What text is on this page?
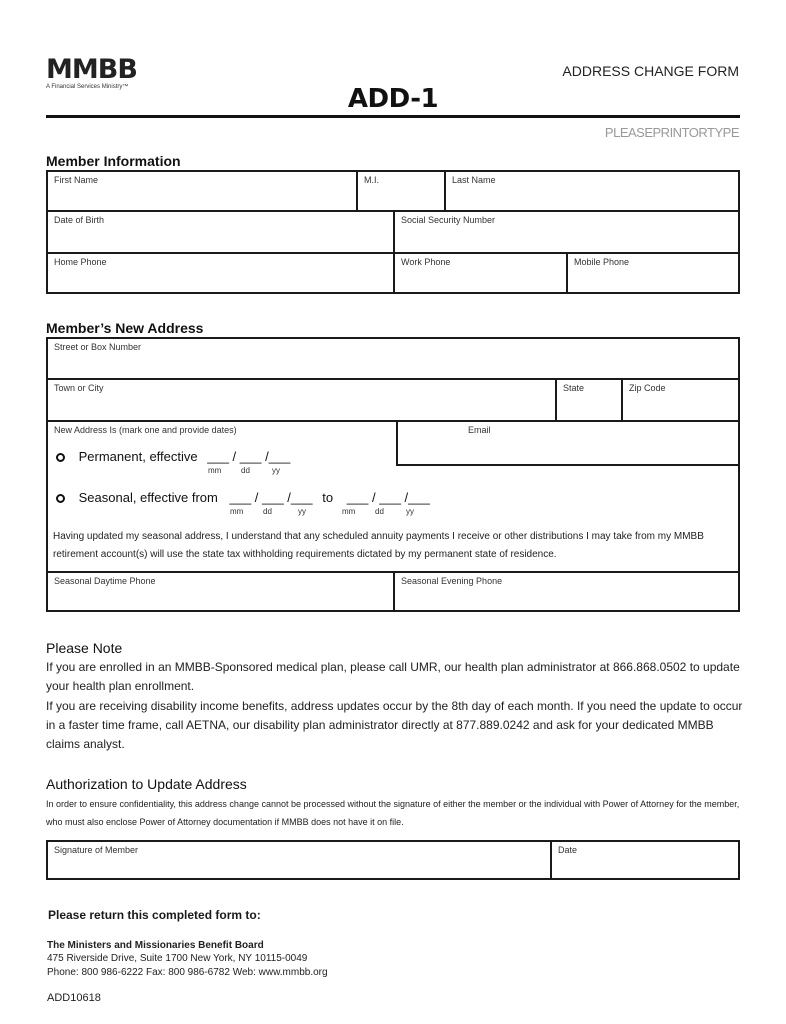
MMBB
A Financial Services Ministry™
ADDRESS CHANGE FORM
ADD-1
PLEASEPRINTORTYPE
Member Information
First Name	M.I.	Last Name
Date of Birth	Social Security Number
Home Phone	Work Phone	Mobile Phone
Member’s New Address
Street or Box Number
Town or City	State	Zip Code
New Address Is (mark one and provide dates)	Email
Permanent, effective ___ / ___ /___
mm dd	yy
Seasonal, effective from ___ / ___ /___ to ___ / ___ /___
mm dd	yy	mm dd	yy
Having updated my seasonal address, I understand that any scheduled annuity payments I receive or other distributions I may take from my MMBB retirement account(s) will use the state tax withholding requirements dictated by my permanent state of residence.
Seasonal Daytime Phone	Seasonal Evening Phone
Please Note
If you are enrolled in an MMBB-Sponsored medical plan, please call UMR, our health plan administrator at 866.868.0502 to update your health plan enrollment.
If you are receiving disability income benefits, address updates occur by the 8th day of each month. If you need the update to occur in a faster time frame, call AETNA, our disability plan administrator directly at 877.889.0242 and ask for your dedicated MMBB claims analyst.
Authorization to Update Address
In order to ensure confidentiality, this address change cannot be processed without the signature of either the member or the individual with Power of Attorney for the member, who must also enclose Power of Attorney documentation if MMBB does not have it on file.
Signature of Member	Date
Please return this completed form to:
The Ministers and Missionaries Benefit Board
475 Riverside Drive, Suite 1700 New York, NY 10115-0049
Phone: 800 986-6222 Fax: 800 986-6782 Web: www.mmbb.org
ADD10618
